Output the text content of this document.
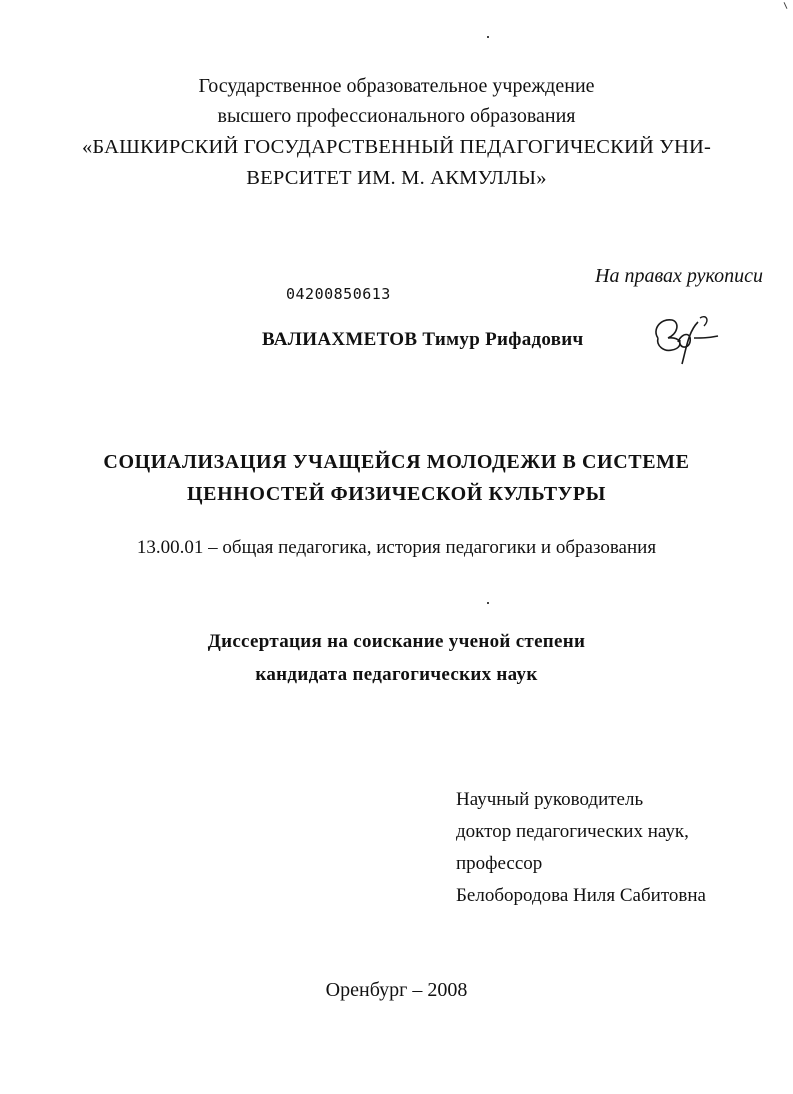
Государственное образовательное учреждение
высшего профессионального образования
«БАШКИРСКИЙ ГОСУДАРСТВЕННЫЙ ПЕДАГОГИЧЕСКИЙ УНИ-
ВЕРСИТЕТ ИМ. М. АКМУЛЛЫ»
На правах рукописи
04200850613
ВАЛИАХМЕТОВ Тимур Рифадович
СОЦИАЛИЗАЦИЯ УЧАЩЕЙСЯ МОЛОДЕЖИ В СИСТЕМЕ
ЦЕННОСТЕЙ ФИЗИЧЕСКОЙ КУЛЬТУРЫ
13.00.01 – общая педагогика, история педагогики и образования
Диссертация на соискание ученой степени
кандидата педагогических наук
Научный руководитель
доктор педагогических наук,
профессор
Белобородова Ниля Сабитовна
Оренбург – 2008
